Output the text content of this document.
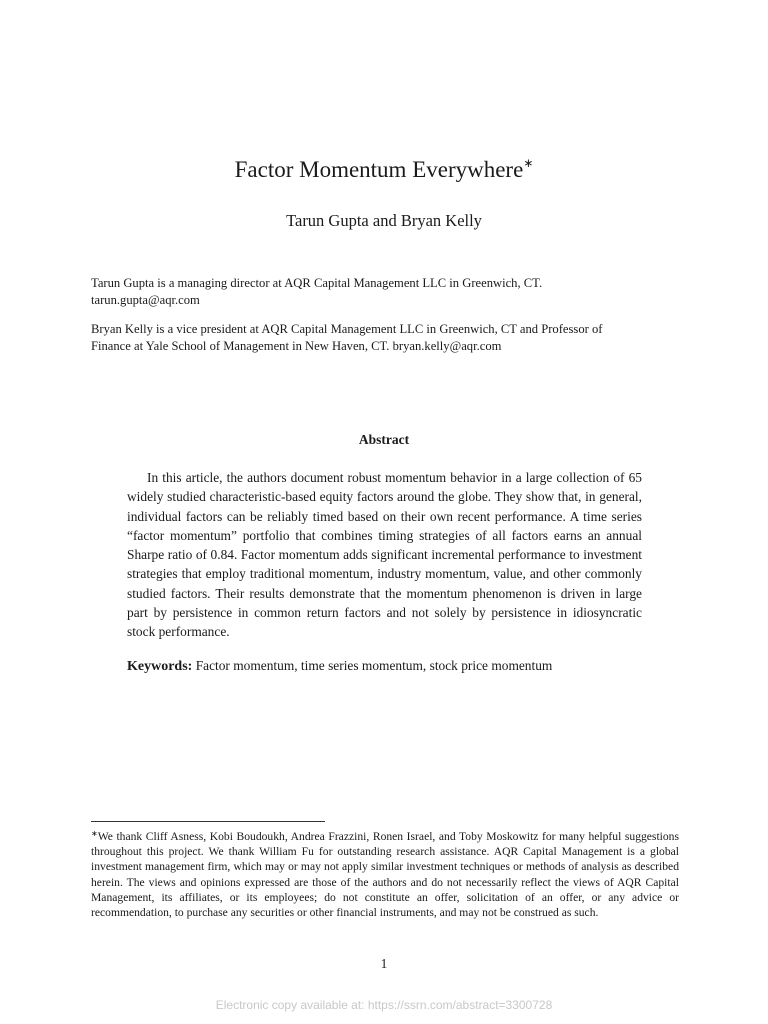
Factor Momentum Everywhere∗
Tarun Gupta and Bryan Kelly

Tarun Gupta is a managing director at AQR Capital Management LLC in Greenwich, CT.

tarun.gupta@aqr.com

Bryan Kelly is a vice president at AQR Capital Management LLC in Greenwich, CT and Professor of

Finance at Yale School of Management in New Haven, CT. bryan.kelly@aqr.com

Abstract

In this article, the authors document robust momentum behavior in a large collection of 65 widely studied characteristic-based equity factors around the globe. They show that, in general, individual factors can be reliably timed based on their own recent performance. A time series “factor momentum” portfolio that combines timing strategies of all factors earns an annual Sharpe ratio of 0.84. Factor momentum adds significant incremental performance to investment strategies that employ traditional momentum, industry momentum, value, and other commonly studied factors. Their results demonstrate that the momentum phenomenon is driven in large part by persistence in common return factors and not solely by persistence in idiosyncratic stock performance.

Keywords: Factor momentum, time series momentum, stock price momentum

∗We thank Cliff Asness, Kobi Boudoukh, Andrea Frazzini, Ronen Israel, and Toby Moskowitz for many helpful suggestions throughout this project. We thank William Fu for outstanding research assistance. AQR Capital Management is a global investment management firm, which may or may not apply similar investment techniques or methods of analysis as described herein. The views and opinions expressed are those of the authors and do not necessarily reflect the views of AQR Capital Management, its affiliates, or its employees; do not constitute an offer, solicitation of an offer, or any advice or recommendation, to purchase any securities or other financial instruments, and may not be construed as such.

1
Electronic copy available at: https://ssrn.com/abstract=3300728
